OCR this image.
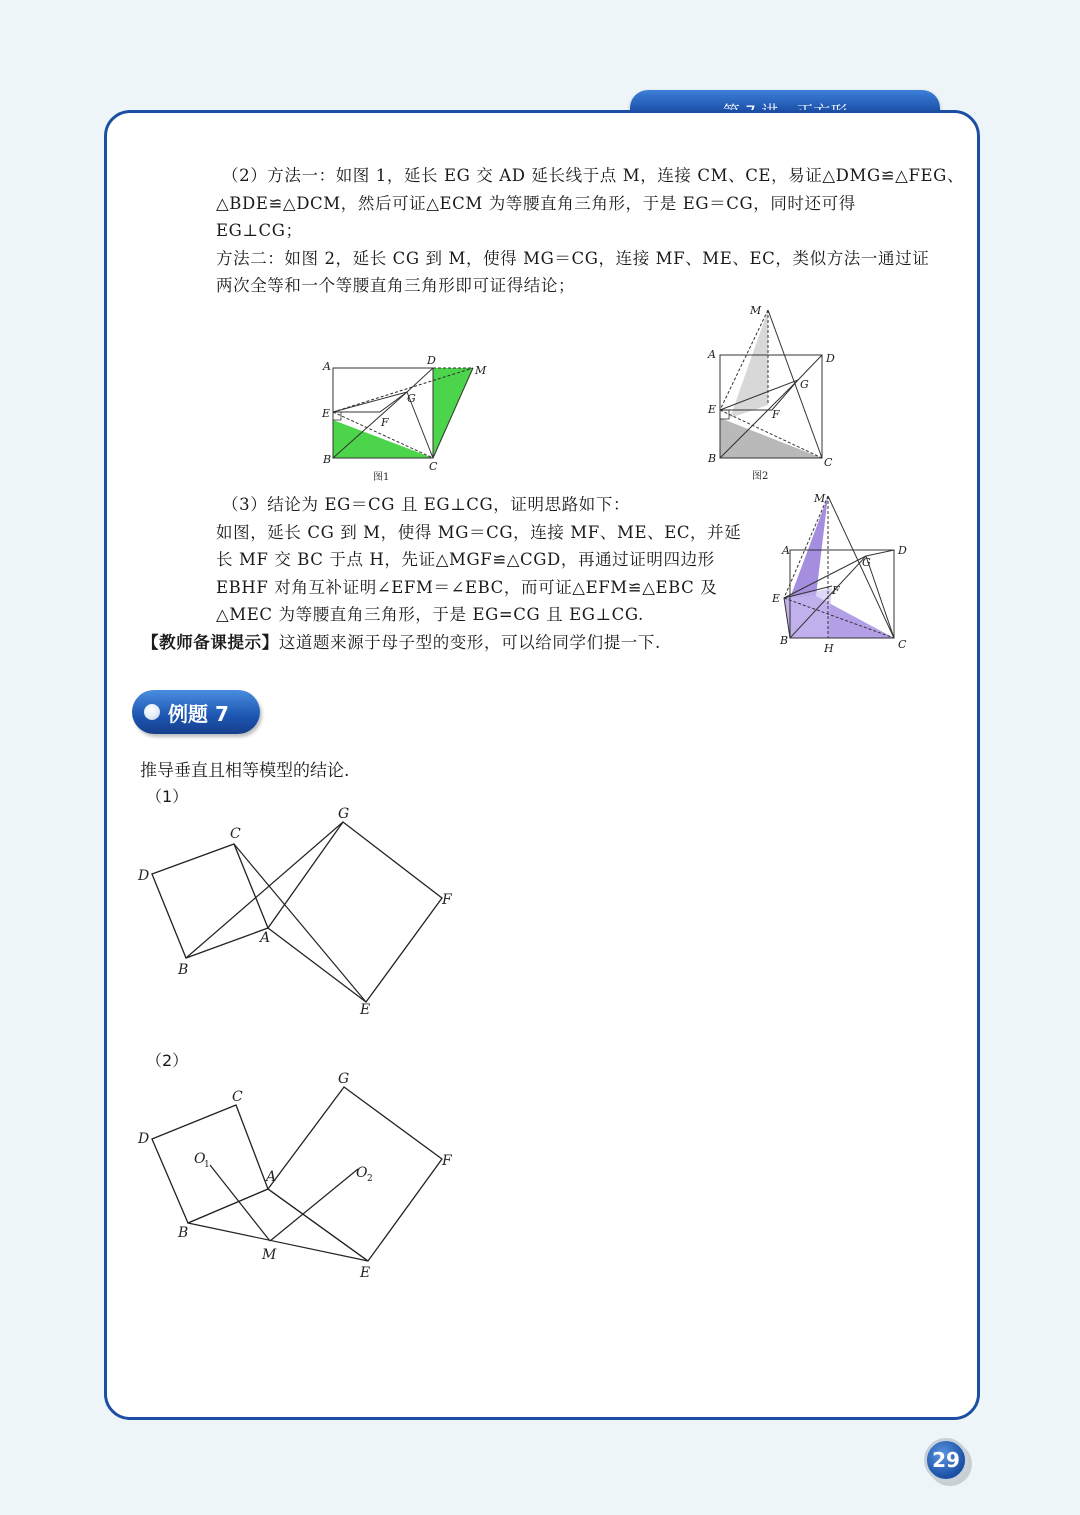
（2）方法一：如图 1，延长 EG 交 AD 延长线于点 M，连接 CM、CE，易证△DMG≌△FEG、

△BDE≌△DCM，然后可证△ECM 为等腰直角三角形，于是 EG＝CG，同时还可得

EG⊥CG；

方法二：如图 2，延长 CG 到 M，使得 MG＝CG，连接 MF、ME、EC，类似方法一通过证

两次全等和一个等腰直角三角形即可证得结论；

A
B
C
D
E
F
G
M
图1
M
A	D
G
E	F
B	C
图2

（3）结论为 EG＝CG 且 EG⊥CG，证明思路如下：

如图，延长 CG 到 M，使得 MG＝CG，连接 MF、ME、EC，并延

长 MF 交 BC 于点 H，先证△MGF≌△CGD，再通过证明四边形

EBHF 对角互补证明∠EFM＝∠EBC，而可证△EFM≌△EBC 及

△MEC 为等腰直角三角形，于是 EG=CG 且 EG⊥CG.

【教师备课提示】这道题来源于母子型的变形，可以给同学们提一下.

M
A
G
D
F
E
B
H	C
例题 7
推导垂直且相等模型的结论.
（1）
C
G
D
F
A
B
E
（2）
C
G
D
F
O
1	O 2
A
B
M
E
29
